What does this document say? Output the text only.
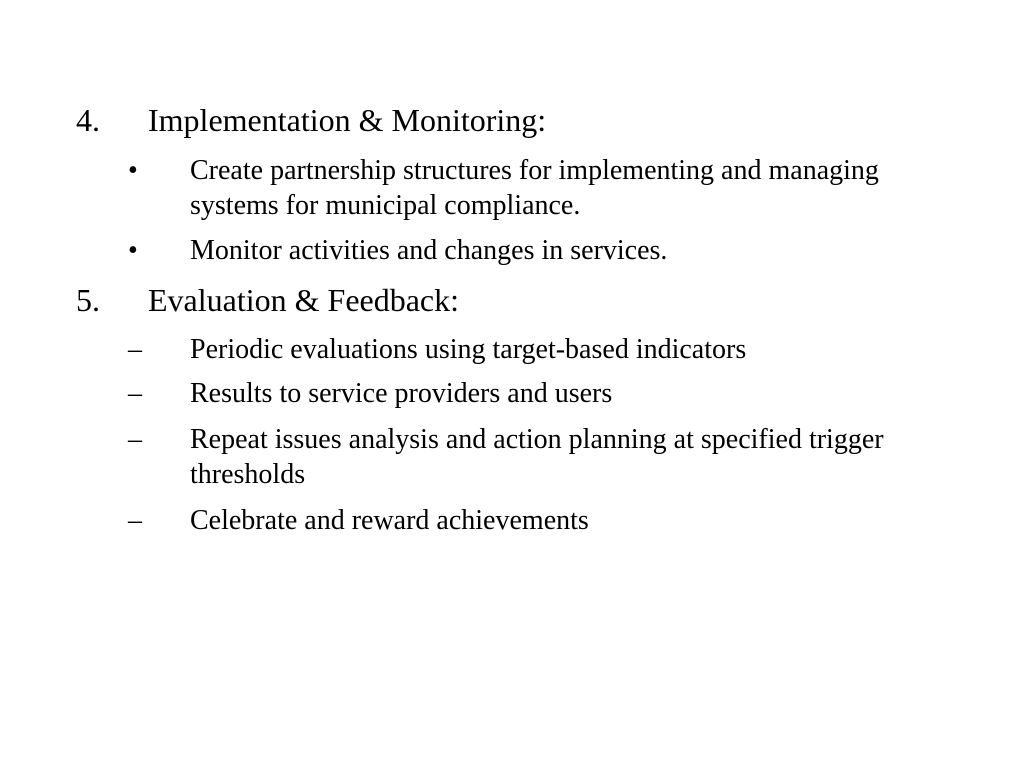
4. Implementation & Monitoring:
• Create partnership structures for implementing and managing systems for municipal compliance.
• Monitor activities and changes in services.
5. Evaluation & Feedback:
– Periodic evaluations using target-based indicators
– Results to service providers and users
– Repeat issues analysis and action planning at specified trigger thresholds
– Celebrate and reward achievements
